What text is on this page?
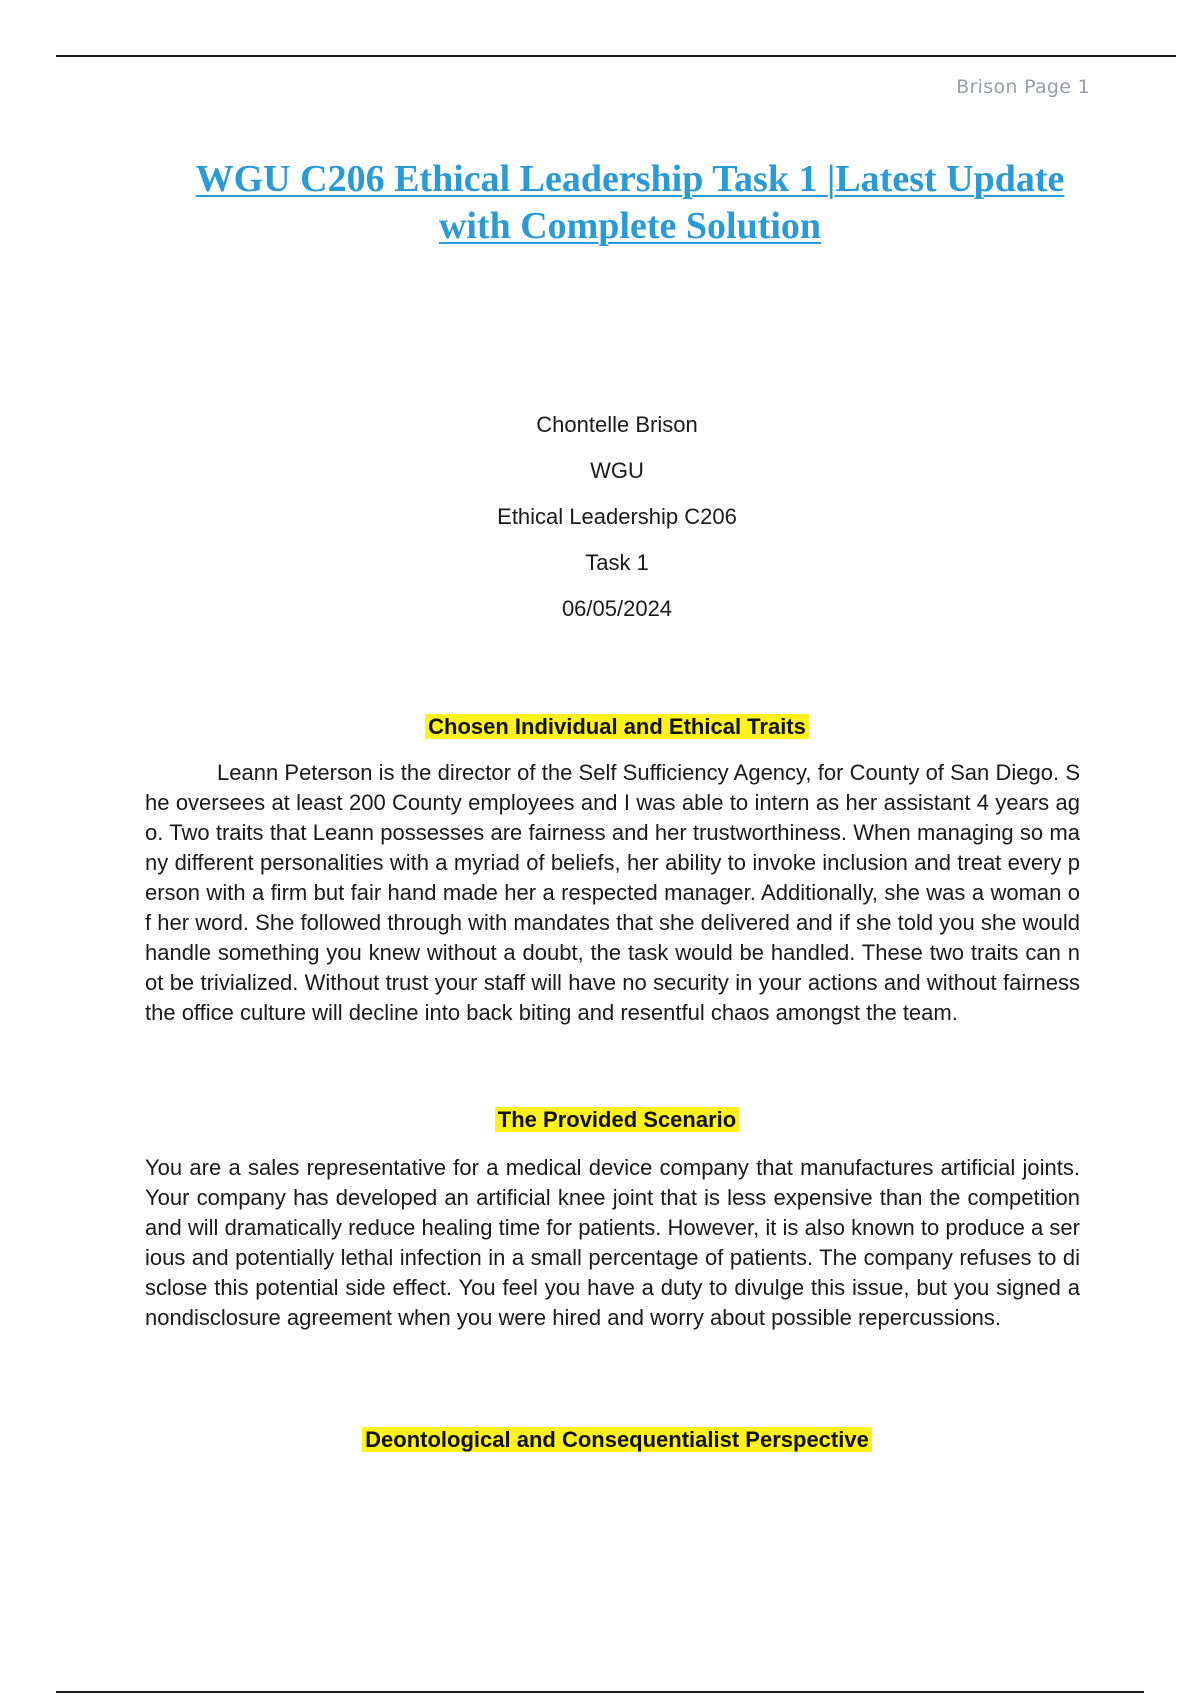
Brison Page 1
WGU C206 Ethical Leadership Task 1 |Latest Update
with Complete Solution
Chontelle Brison
WGU
Ethical Leadership C206
Task 1
06/05/2024
Chosen Individual and Ethical Traits
Leann Peterson is the director of the Self Sufficiency Agency, for County of San Diego. She oversees at least 200 County employees and I was able to intern as her assistant 4 years ago. Two traits that Leann possesses are fairness and her trustworthiness. When managing so many different personalities with a myriad of beliefs, her ability to invoke inclusion and treat every person with a firm but fair hand made her a respected manager. Additionally, she was a woman of her word. She followed through with mandates that she delivered and if she told you she would handle something you knew without a doubt, the task would be handled. These two traits can not be trivialized. Without trust your staff will have no security in your actions and without fairness the office culture will decline into back biting and resentful chaos amongst the team.
The Provided Scenario
You are a sales representative for a medical device company that manufactures artificial joints. Your company has developed an artificial knee joint that is less expensive than the competition and will dramatically reduce healing time for patients. However, it is also known to produce a serious and potentially lethal infection in a small percentage of patients. The company refuses to disclose this potential side effect. You feel you have a duty to divulge this issue, but you signed a nondisclosure agreement when you were hired and worry about possible repercussions.
Deontological and Consequentialist Perspective
